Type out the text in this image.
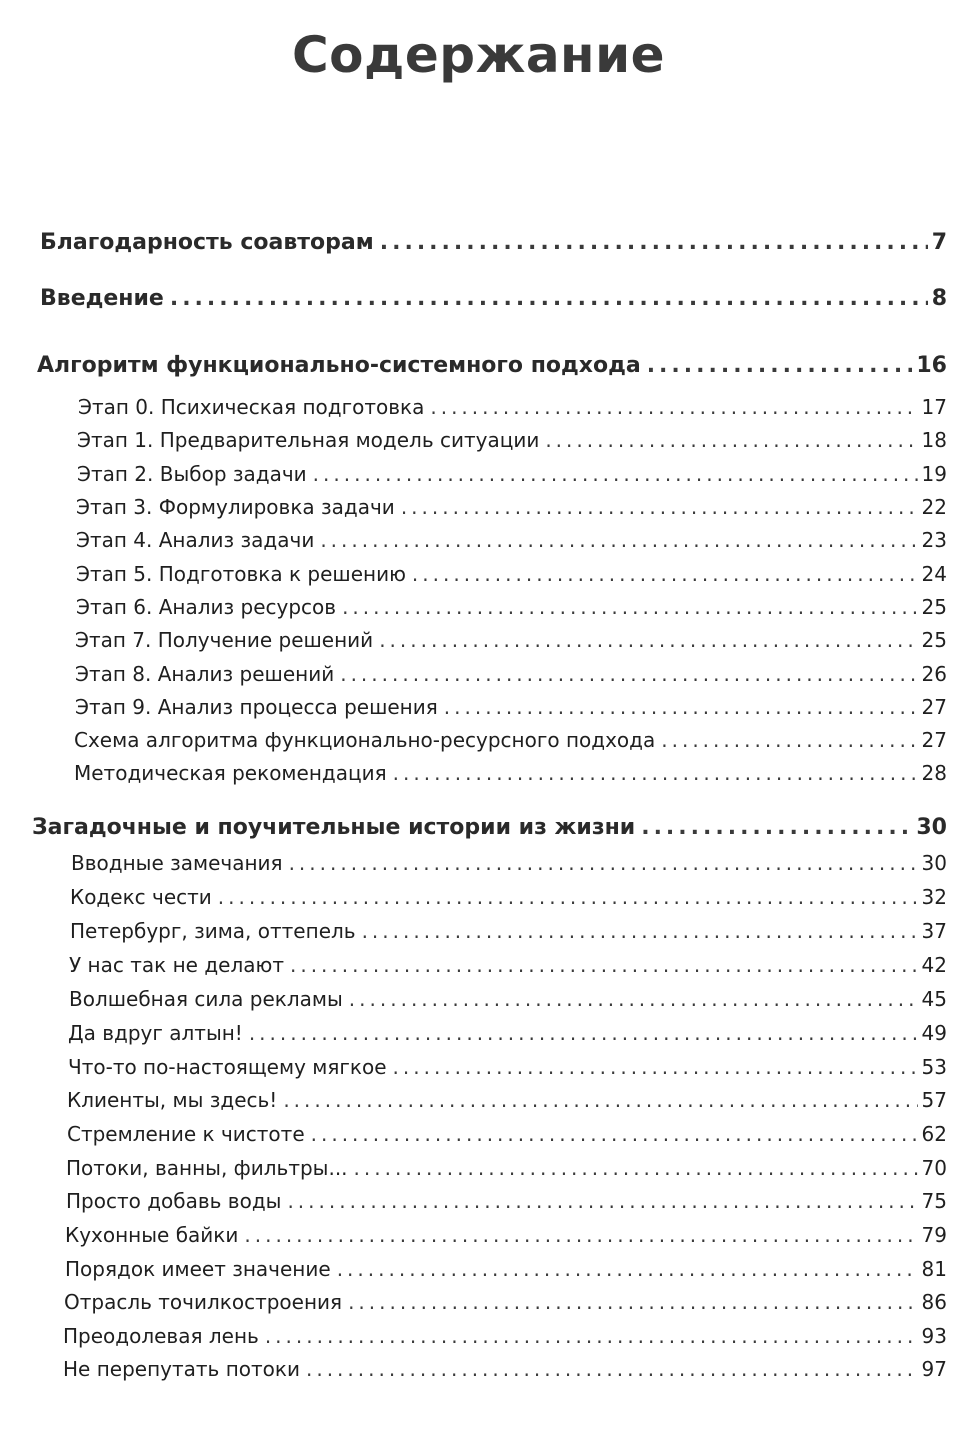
Содержание
Благодарность соавторам .....	7
Введение .....	8
Алгоритм функционально-системного подхода .....	16
Этап 0. Психическая подготовка .....	17
Этап 1. Предварительная модель ситуации .....	18
Этап 2. Выбор задачи .....	19
Этап 3. Формулировка задачи .....	22
Этап 4. Анализ задачи .....	23
Этап 5. Подготовка к решению .....	24
Этап 6. Анализ ресурсов .....	25
Этап 7. Получение решений .....	25
Этап 8. Анализ решений .....	26
Этап 9. Анализ процесса решения .....	27
Схема алгоритма функционально-ресурсного подхода .....	27
Методическая рекомендация .....	28
Загадочные и поучительные истории из жизни .....	30
Вводные замечания .....	30
Кодекс чести .....	32
Петербург, зима, оттепель .....	37
У нас так не делают .....	42
Волшебная сила рекламы .....	45
Да вдруг алтын! .....	49
Что-то по-настоящему мягкое .....	53
Клиенты, мы здесь! .....	57
Стремление к чистоте .....	62
Потоки, ванны, фильтры... .....	70
Просто добавь воды .....	75
Кухонные байки .....	79
Порядок имеет значение .....	81
Отрасль точилкостроения .....	86
Преодолевая лень .....	93
Не перепутать потоки .....	97
